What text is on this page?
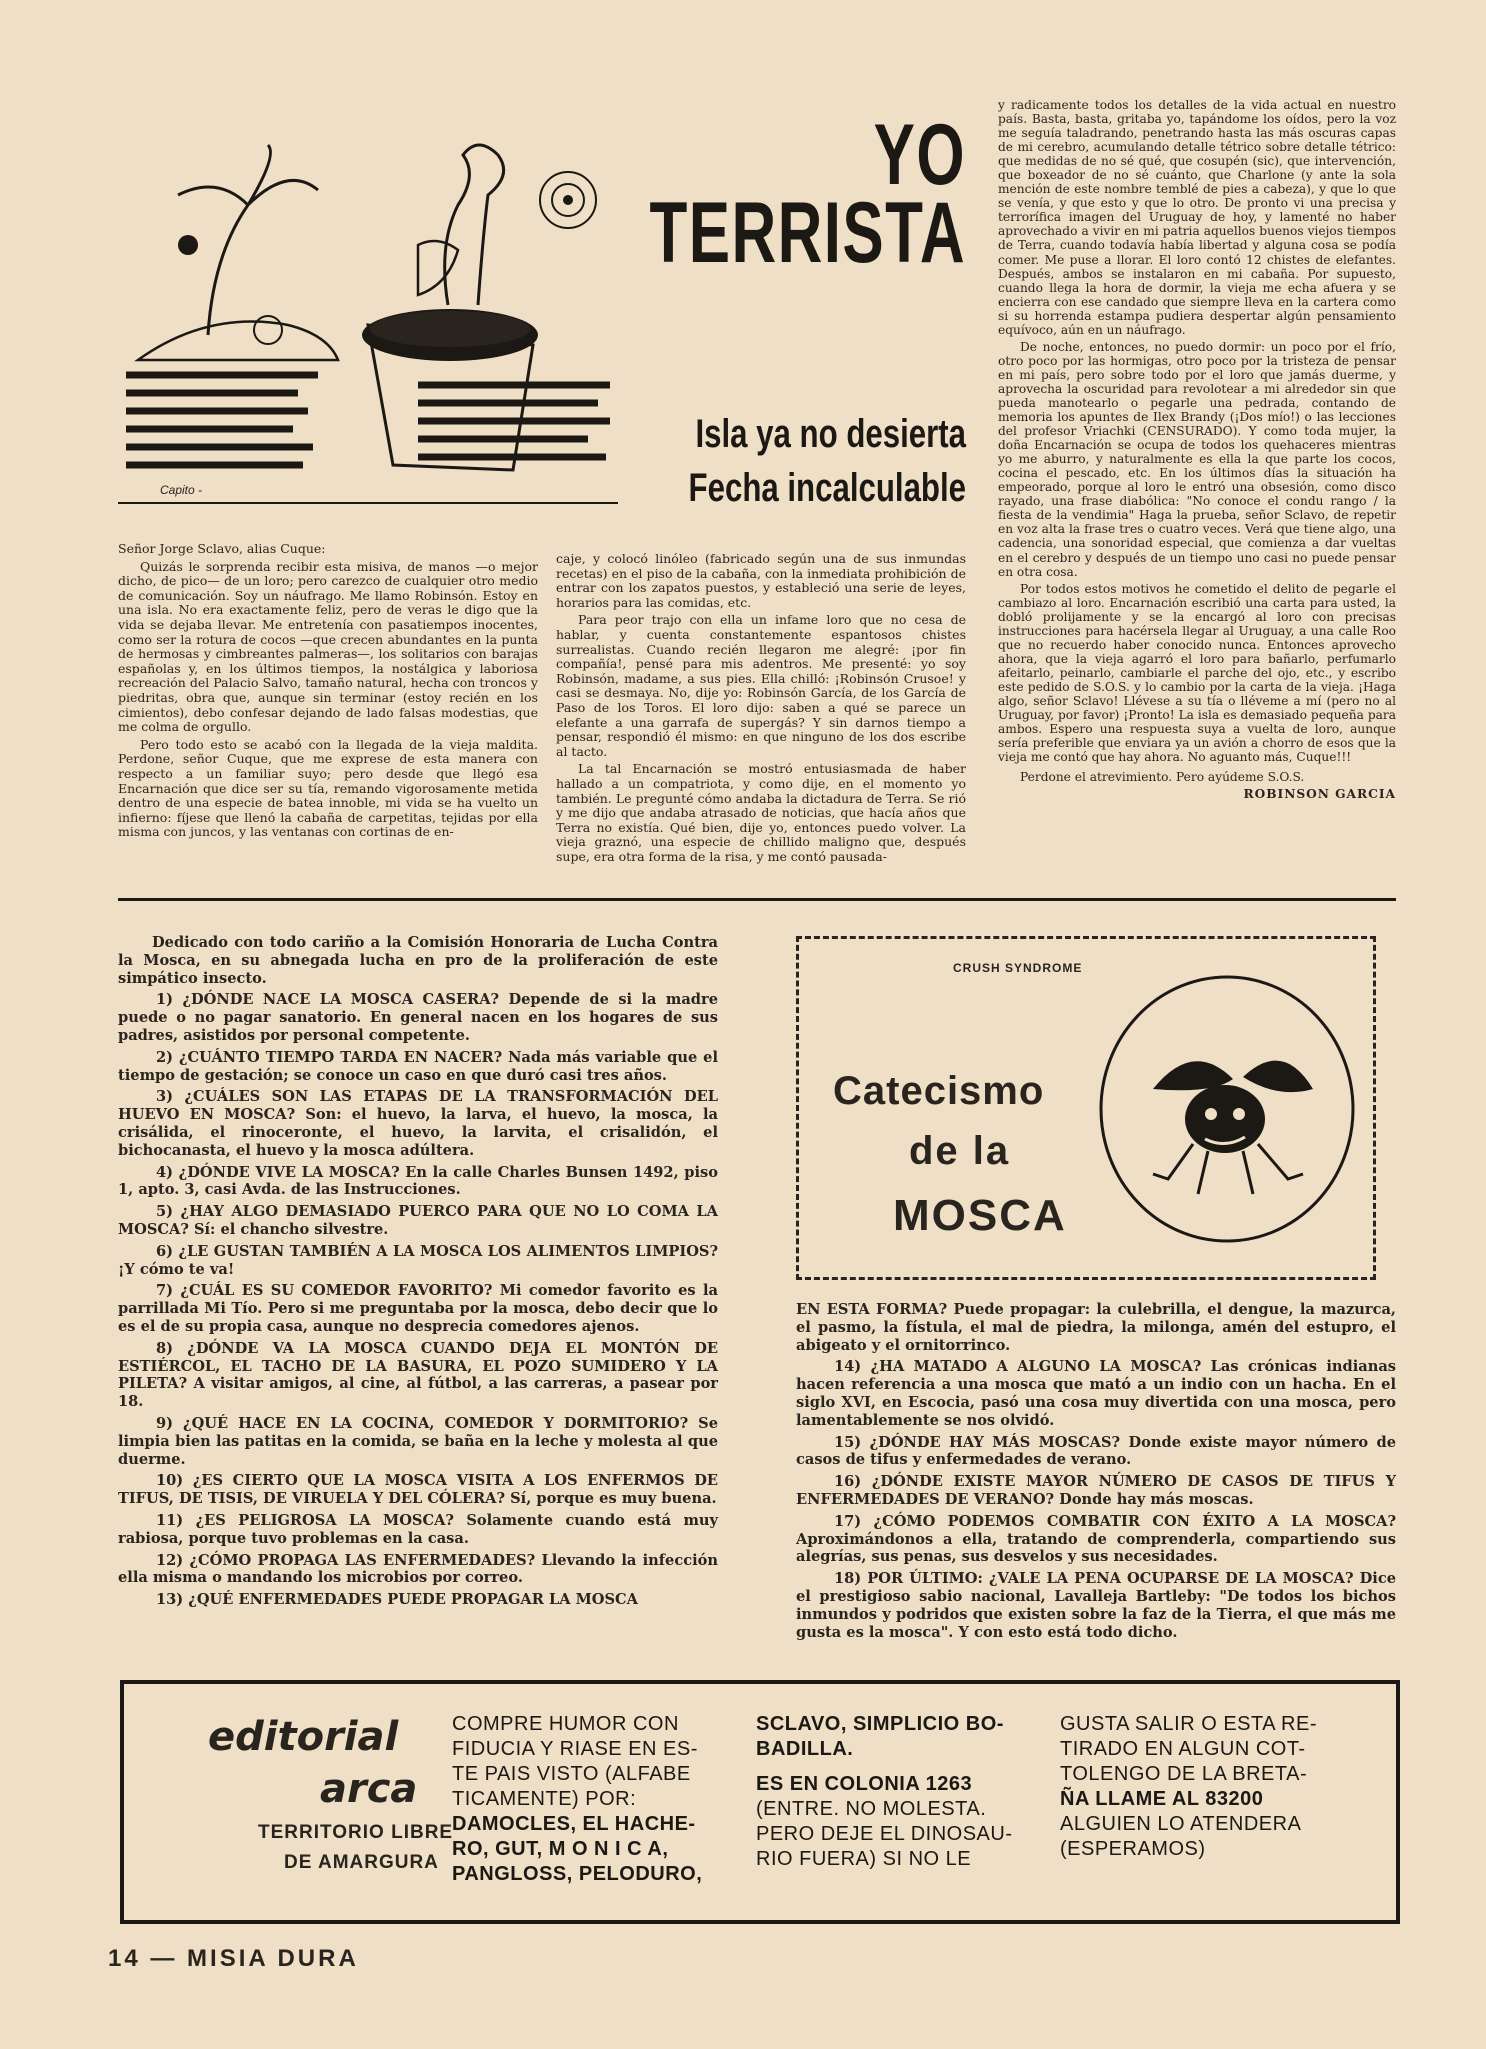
Capito -
YO
TERRISTA
Isla ya no desierta
Fecha incalculable

Señor Jorge Sclavo, alias Cuque:

Quizás le sorprenda recibir esta misiva, de manos —o mejor dicho, de pico— de un loro; pero carezco de cualquier otro medio de comunicación. Soy un náufrago. Me llamo Robinsón. Estoy en una isla. No era exactamente feliz, pero de veras le digo que la vida se dejaba llevar. Me entretenía con pasatiempos inocentes, como ser la rotura de cocos —que crecen abundantes en la punta de hermosas y cimbreantes palmeras—, los solitarios con barajas españolas y, en los últimos tiempos, la nostálgica y laboriosa recreación del Palacio Salvo, tamaño natural, hecha con troncos y piedritas, obra que, aunque sin terminar (estoy recién en los cimientos), debo confesar dejando de lado falsas modestias, que me colma de orgullo.

Pero todo esto se acabó con la llegada de la vieja maldita. Perdone, señor Cuque, que me exprese de esta manera con respecto a un familiar suyo; pero desde que llegó esa Encarnación que dice ser su tía, remando vigorosamente metida dentro de una especie de batea innoble, mi vida se ha vuelto un infierno: fíjese que llenó la cabaña de carpetitas, tejidas por ella misma con juncos, y las ventanas con cortinas de en-

caje, y colocó linóleo (fabricado según una de sus inmundas recetas) en el piso de la cabaña, con la inmediata prohibición de entrar con los zapatos puestos, y estableció una serie de leyes, horarios para las comidas, etc.

Para peor trajo con ella un infame loro que no cesa de hablar, y cuenta constantemente espantosos chistes surrealistas. Cuando recién llegaron me alegré: ¡por fin compañía!, pensé para mis adentros. Me presenté: yo soy Robinsón, madame, a sus pies. Ella chilló: ¡Robinsón Crusoe! y casi se desmaya. No, dije yo: Robinsón García, de los García de Paso de los Toros. El loro dijo: saben a qué se parece un elefante a una garrafa de supergás? Y sin darnos tiempo a pensar, respondió él mismo: en que ninguno de los dos escribe al tacto.

La tal Encarnación se mostró entusiasmada de haber hallado a un compatriota, y como dije, en el momento yo también. Le pregunté cómo andaba la dictadura de Terra. Se rió y me dijo que andaba atrasado de noticias, que hacía años que Terra no existía. Qué bien, dije yo, entonces puedo volver. La vieja graznó, una especie de chillido maligno que, después supe, era otra forma de la risa, y me contó pausada-

y radicamente todos los detalles de la vida actual en nuestro país. Basta, basta, gritaba yo, tapándome los oídos, pero la voz me seguía taladrando, penetrando hasta las más oscuras capas de mi cerebro, acumulando detalle tétrico sobre detalle tétrico: que medidas de no sé qué, que cosupén (sic), que intervención, que boxeador de no sé cuánto, que Charlone (y ante la sola mención de este nombre temblé de pies a cabeza), y que lo que se venía, y que esto y que lo otro. De pronto vi una precisa y terrorífica imagen del Uruguay de hoy, y lamenté no haber aprovechado a vivir en mi patria aquellos buenos viejos tiempos de Terra, cuando todavía había libertad y alguna cosa se podía comer. Me puse a llorar. El loro contó 12 chistes de elefantes. Después, ambos se instalaron en mi cabaña. Por supuesto, cuando llega la hora de dormir, la vieja me echa afuera y se encierra con ese candado que siempre lleva en la cartera como si su horrenda estampa pudiera despertar algún pensamiento equívoco, aún en un náufrago.

De noche, entonces, no puedo dormir: un poco por el frío, otro poco por las hormigas, otro poco por la tristeza de pensar en mi país, pero sobre todo por el loro que jamás duerme, y aprovecha la oscuridad para revolotear a mi alrededor sin que pueda manotearlo o pegarle una pedrada, contando de memoria los apuntes de Ilex Brandy (¡Dos mío!) o las lecciones del profesor Vriachki (CENSURADO). Y como toda mujer, la doña Encarnación se ocupa de todos los quehaceres mientras yo me aburro, y naturalmente es ella la que parte los cocos, cocina el pescado, etc. En los últimos días la situación ha empeorado, porque al loro le entró una obsesión, como disco rayado, una frase diabólica: "No conoce el condu rango / la fiesta de la vendimia" Haga la prueba, señor Sclavo, de repetir en voz alta la frase tres o cuatro veces. Verá que tiene algo, una cadencia, una sonoridad especial, que comienza a dar vueltas en el cerebro y después de un tiempo uno casi no puede pensar en otra cosa.

Por todos estos motivos he cometido el delito de pegarle el cambiazo al loro. Encarnación escribió una carta para usted, la dobló prolijamente y se la encargó al loro con precisas instrucciones para hacérsela llegar al Uruguay, a una calle Roo que no recuerdo haber conocido nunca. Entonces aprovecho ahora, que la vieja agarró el loro para bañarlo, perfumarlo afeitarlo, peinarlo, cambiarle el parche del ojo, etc., y escribo este pedido de S.O.S. y lo cambio por la carta de la vieja. ¡Haga algo, señor Sclavo! Llévese a su tía o lléveme a mí (pero no al Uruguay, por favor) ¡Pronto! La isla es demasiado pequeña para ambos. Espero una respuesta suya a vuelta de loro, aunque sería preferible que enviara ya un avión a chorro de esos que la vieja me contó que hay ahora. No aguanto más, Cuque!!!

Perdone el atrevimiento. Pero ayúdeme S.O.S.

ROBINSON GARCIA

Dedicado con todo cariño a la Comisión Honoraria de Lucha Contra la Mosca, en su abnegada lucha en pro de la proliferación de este simpático insecto.

1) ¿DÓNDE NACE LA MOSCA CASERA? Depende de si la madre puede o no pagar sanatorio. En general nacen en los hogares de sus padres, asistidos por personal competente.

2) ¿CUÁNTO TIEMPO TARDA EN NACER? Nada más variable que el tiempo de gestación; se conoce un caso en que duró casi tres años.

3) ¿CUÁLES SON LAS ETAPAS DE LA TRANSFORMACIÓN DEL HUEVO EN MOSCA? Son: el huevo, la larva, el huevo, la mosca, la crisálida, el rinoceronte, el huevo, la larvita, el crisalidón, el bichocanasta, el huevo y la mosca adúltera.

4) ¿DÓNDE VIVE LA MOSCA? En la calle Charles Bunsen 1492, piso 1, apto. 3, casi Avda. de las Instrucciones.

5) ¿HAY ALGO DEMASIADO PUERCO PARA QUE NO LO COMA LA MOSCA? Sí: el chancho silvestre.

6) ¿LE GUSTAN TAMBIÉN A LA MOSCA LOS ALIMENTOS LIMPIOS? ¡Y cómo te va!

7) ¿CUÁL ES SU COMEDOR FAVORITO? Mi comedor favorito es la parrillada Mi Tío. Pero si me preguntaba por la mosca, debo decir que lo es el de su propia casa, aunque no desprecia comedores ajenos.

8) ¿DÓNDE VA LA MOSCA CUANDO DEJA EL MONTÓN DE ESTIÉRCOL, EL TACHO DE LA BASURA, EL POZO SUMIDERO Y LA PILETA? A visitar amigos, al cine, al fútbol, a las carreras, a pasear por 18.

9) ¿QUÉ HACE EN LA COCINA, COMEDOR Y DORMITORIO? Se limpia bien las patitas en la comida, se baña en la leche y molesta al que duerme.

10) ¿ES CIERTO QUE LA MOSCA VISITA A LOS ENFERMOS DE TIFUS, DE TISIS, DE VIRUELA Y DEL CÓLERA? Sí, porque es muy buena.

11) ¿ES PELIGROSA LA MOSCA? Solamente cuando está muy rabiosa, porque tuvo problemas en la casa.

12) ¿CÓMO PROPAGA LAS ENFERMEDADES? Llevando la infección ella misma o mandando los microbios por correo.

13) ¿QUÉ ENFERMEDADES PUEDE PROPAGAR LA MOSCA

CRUSH SYNDROME
Catecismo
de la
MOSCA

EN ESTA FORMA? Puede propagar: la culebrilla, el dengue, la mazurca, el pasmo, la fístula, el mal de piedra, la milonga, amén del estupro, el abigeato y el ornitorrinco.

14) ¿HA MATADO A ALGUNO LA MOSCA? Las crónicas indianas hacen referencia a una mosca que mató a un indio con un hacha. En el siglo XVI, en Escocia, pasó una cosa muy divertida con una mosca, pero lamentablemente se nos olvidó.

15) ¿DÓNDE HAY MÁS MOSCAS? Donde existe mayor número de casos de tifus y enfermedades de verano.

16) ¿DÓNDE EXISTE MAYOR NÚMERO DE CASOS DE TIFUS Y ENFERMEDADES DE VERANO? Donde hay más moscas.

17) ¿CÓMO PODEMOS COMBATIR CON ÉXITO A LA MOSCA? Aproximándonos a ella, tratando de comprenderla, compartiendo sus alegrías, sus penas, sus desvelos y sus necesidades.

18) POR ÚLTIMO: ¿VALE LA PENA OCUPARSE DE LA MOSCA? Dice el prestigioso sabio nacional, Lavalleja Bartleby: "De todos los bichos inmundos y podridos que existen sobre la faz de la Tierra, el que más me gusta es la mosca". Y con esto está todo dicho.

editorial
arca
TERRITORIO LIBRE
DE AMARGURA
COMPRE HUMOR CON
FIDUCIA Y RIASE EN ES-
TE PAIS VISTO (ALFABE
TICAMENTE) POR:
DAMOCLES, EL HACHE-
RO, GUT, M O N I C A,
PANGLOSS, PELODURO,
SCLAVO, SIMPLICIO BO-
BADILLA.
ES EN COLONIA 1263
(ENTRE. NO MOLESTA.
PERO DEJE EL DINOSAU-
RIO FUERA) SI NO LE
GUSTA SALIR O ESTA RE-
TIRADO EN ALGUN COT-
TOLENGO DE LA BRETA-
ÑA LLAME AL 83200
ALGUIEN LO ATENDERA
(ESPERAMOS)
14 — MISIA DURA
